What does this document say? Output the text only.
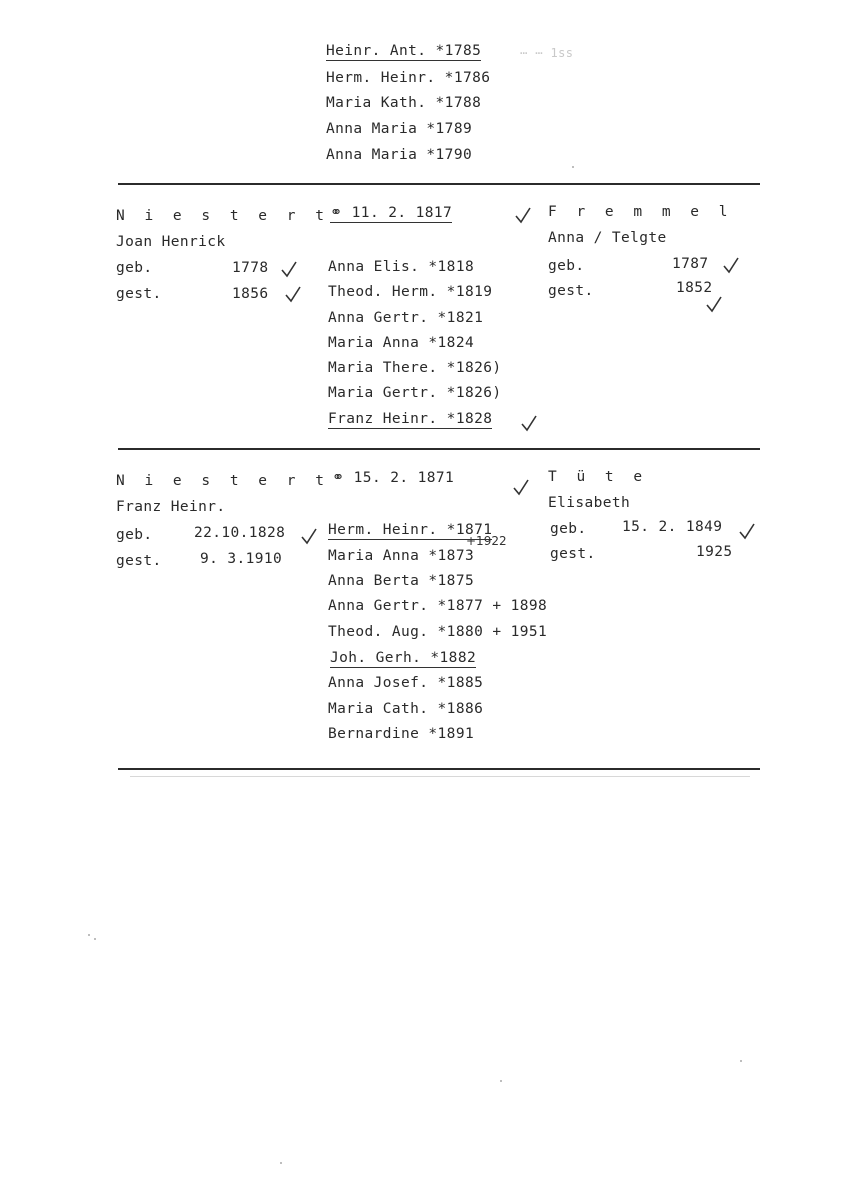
Heinr. Ant. *1785	⋯ ⋯ 1ss
Herm. Heinr. *1786
Maria Kath. *1788
Anna Maria *1789
Anna Maria *1790
N i e s t e r t
Joan Henrick
geb.	1778
gest.	1856
⚭ 11. 2. 1817	F r e m m e l
Anna / Telgte
geb.	1787
gest.	1852
Anna Elis. *1818
Theod. Herm. *1819
Anna Gertr. *1821
Maria Anna *1824
Maria There. *1826)
Maria Gertr. *1826)
Franz Heinr. *1828
N i e s t e r t
Franz Heinr.
geb.	22.10.1828
gest.	9. 3.1910
⚭ 15. 2. 1871	T ü t e
Elisabeth
geb. 15. 2. 1849
gest.	1925
Herm. Heinr. *1871
+1922
Maria Anna *1873
Anna Berta *1875
Anna Gertr. *1877 + 1898
Theod. Aug. *1880 + 1951
Joh. Gerh. *1882
Anna Josef. *1885
Maria Cath. *1886
Bernardine *1891
